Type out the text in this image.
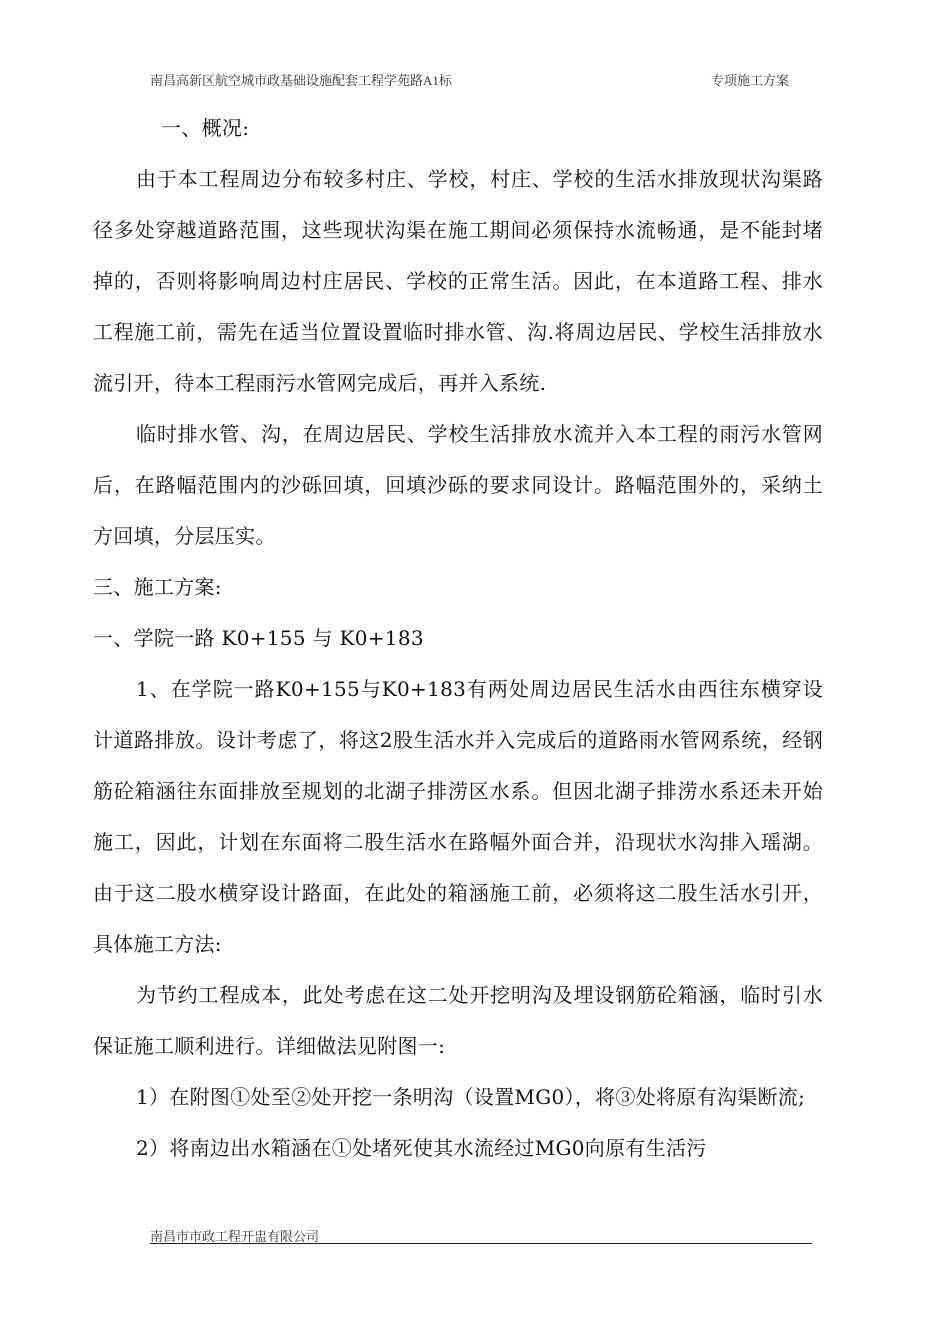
南昌高新区航空城市政基础设施配套工程学苑路A1标	专项施工方案

一、概况:

由于本工程周边分布较多村庄、学校，村庄、学校的生活水排放现状沟渠路径多处穿越道路范围，这些现状沟渠在施工期间必须保持水流畅通，是不能封堵掉的，否则将影响周边村庄居民、学校的正常生活。因此，在本道路工程、排水工程施工前，需先在适当位置设置临时排水管、沟.将周边居民、学校生活排放水流引开，待本工程雨污水管网完成后，再并入系统.

临时排水管、沟，在周边居民、学校生活排放水流并入本工程的雨污水管网后，在路幅范围内的沙砾回填，回填沙砾的要求同设计。路幅范围外的，采纳土方回填，分层压实。

三、施工方案:

一、学院一路 K0+155 与 K0+183

1、在学院一路K0+155与K0+183有两处周边居民生活水由西往东横穿设计道路排放。设计考虑了，将这2股生活水并入完成后的道路雨水管网系统，经钢筋砼箱涵往东面排放至规划的北湖子排涝区水系。但因北湖子排涝水系还未开始施工，因此，计划在东面将二股生活水在路幅外面合并，沿现状水沟排入瑶湖。由于这二股水横穿设计路面，在此处的箱涵施工前，必须将这二股生活水引开，具体施工方法:

为节约工程成本，此处考虑在这二处开挖明沟及埋设钢筋砼箱涵，临时引水保证施工顺利进行。详细做法见附图一:

1）在附图①处至②处开挖一条明沟（设置MG0），将③处将原有沟渠断流;

2）将南边出水箱涵在①处堵死使其水流经过MG0向原有生活污

南昌市市政工程开盅有限公司
